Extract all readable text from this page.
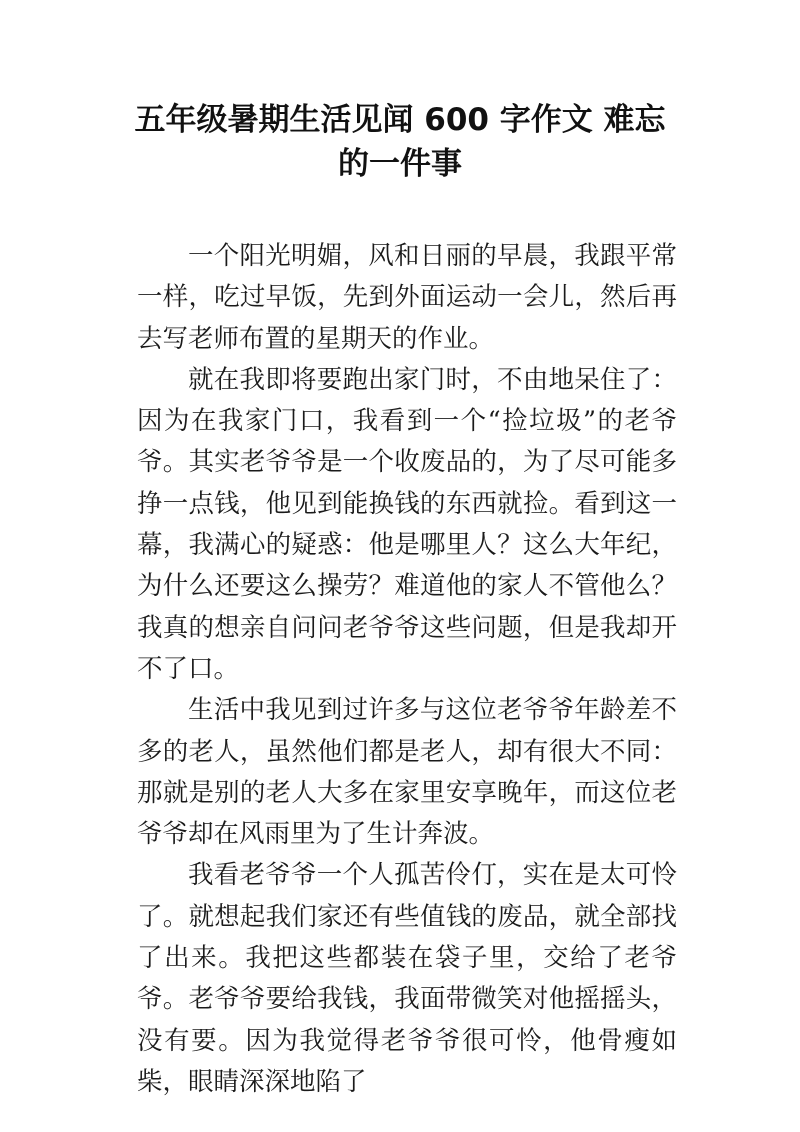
五年级暑期生活见闻 600 字作文 难忘
的一件事

一个阳光明媚，风和日丽的早晨，我跟平常一样，吃过早饭，先到外面运动一会儿，然后再去写老师布置的星期天的作业。

就在我即将要跑出家门时，不由地呆住了：因为在我家门口，我看到一个“捡垃圾”的老爷爷。其实老爷爷是一个收废品的，为了尽可能多挣一点钱，他见到能换钱的东西就捡。看到这一幕，我满心的疑惑：他是哪里人？这么大年纪，为什么还要这么操劳？难道他的家人不管他么？我真的想亲自问问老爷爷这些问题，但是我却开不了口。

生活中我见到过许多与这位老爷爷年龄差不多的老人，虽然他们都是老人，却有很大不同：那就是别的老人大多在家里安享晚年，而这位老爷爷却在风雨里为了生计奔波。

我看老爷爷一个人孤苦伶仃，实在是太可怜了。就想起我们家还有些值钱的废品，就全部找了出来。我把这些都装在袋子里，交给了老爷爷。老爷爷要给我钱，我面带微笑对他摇摇头，没有要。因为我觉得老爷爷很可怜，他骨瘦如柴，眼睛深深地陷了
